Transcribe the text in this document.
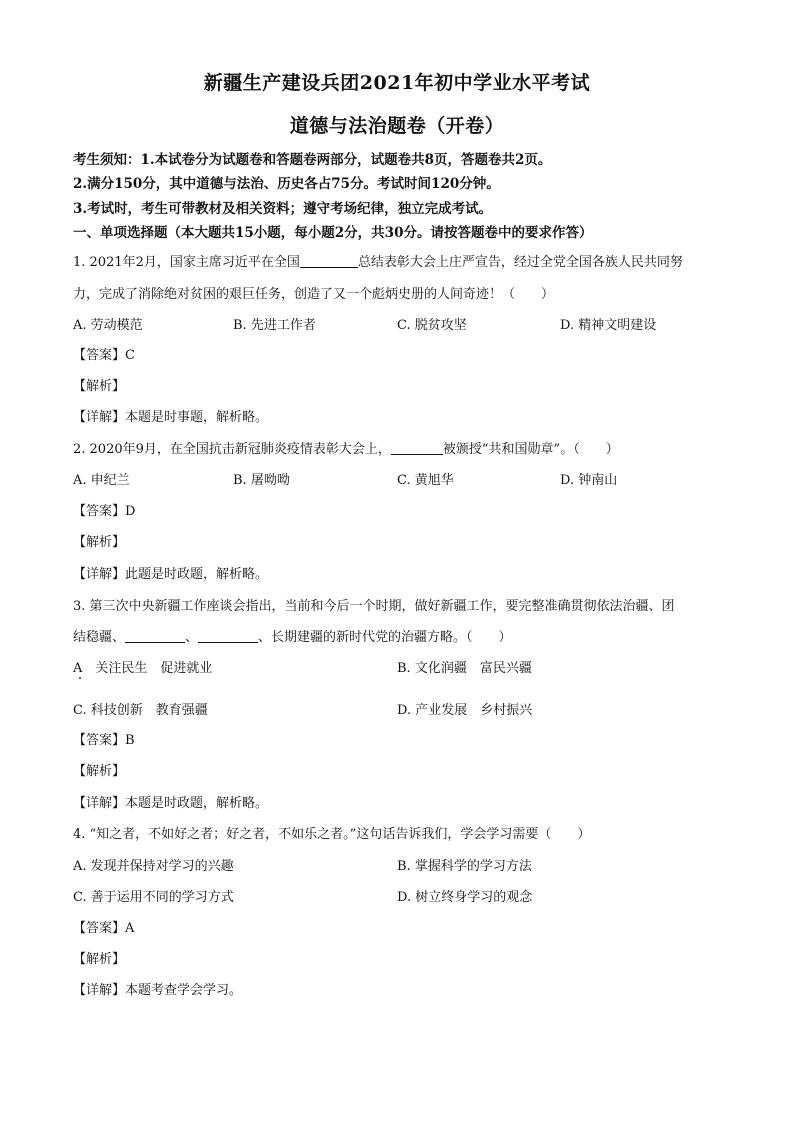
新疆生产建设兵团2021年初中学业水平考试
道德与法治题卷（开卷）
考生须知：1.本试卷分为试题卷和答题卷两部分，试题卷共8页，答题卷共2页。
2.满分150分，其中道德与法治、历史各占75分。考试时间120分钟。
3.考试时，考生可带教材及相关资料；遵守考场纪律，独立完成考试。
一、单项选择题（本大题共15小题，每小题2分，共30分。请按答题卷中的要求作答）
1. 2021年2月，国家主席习近平在全国	总结表彰大会上庄严宣告，经过全党全国各族人民共同努
力，完成了消除绝对贫困的艰巨任务，创造了又一个彪炳史册的人间奇迹！（　　）
A. 劳动模范	B. 先进工作者	C. 脱贫攻坚	D. 精神文明建设
【答案】C
【解析】
【详解】本题是时事题，解析略。
2. 2020年9月，在全国抗击新冠肺炎疫情表彰大会上，	被颁授“共和国勋章”。（　　）
A. 申纪兰	B. 屠呦呦	C. 黄旭华	D. 钟南山
【答案】D
【解析】
【详解】此题是时政题，解析略。
3. 第三次中央新疆工作座谈会指出，当前和今后一个时期，做好新疆工作，要完整准确贯彻依法治疆、团
结稳疆、	、	、长期建疆的新时代党的治疆方略。（　　）
A　关注民生　促进就业	B. 文化润疆　富民兴疆
C. 科技创新　教育强疆	D. 产业发展　乡村振兴
【答案】B
【解析】
【详解】本题是时政题，解析略。
4. “知之者，不如好之者；好之者，不如乐之者。”这句话告诉我们，学会学习需要（　　）
A. 发现并保持对学习的兴趣	B. 掌握科学的学习方法
C. 善于运用不同的学习方式	D. 树立终身学习的观念
【答案】A
【解析】
【详解】本题考查学会学习。
